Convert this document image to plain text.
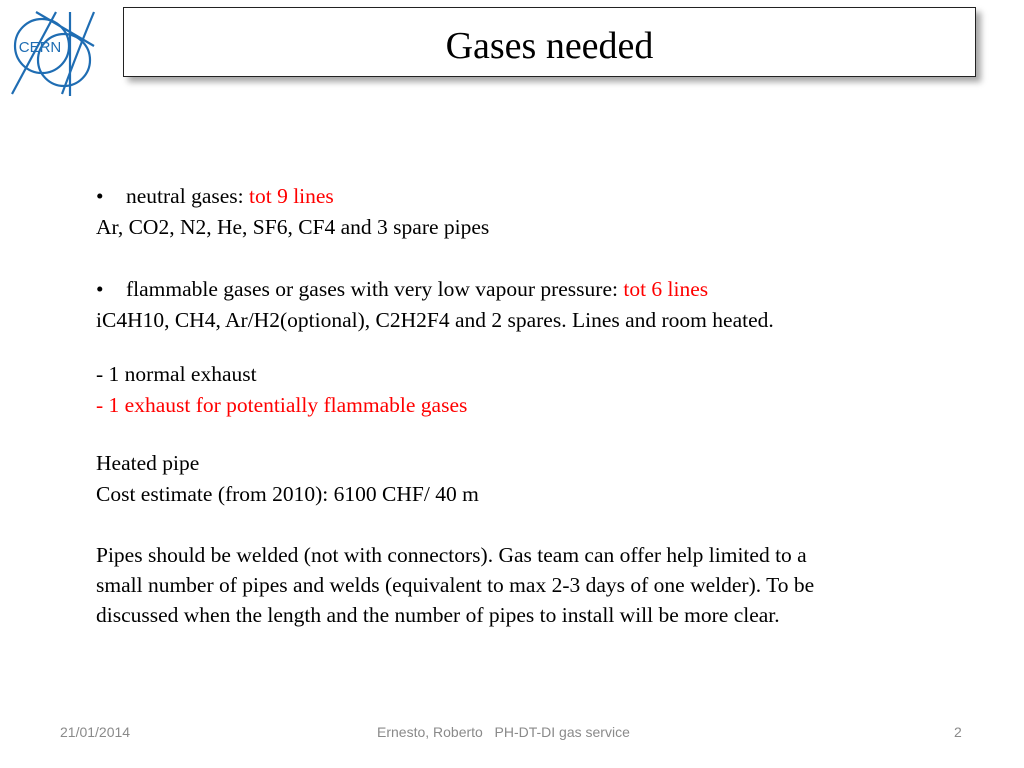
CERN	Gases needed
• neutral gases: tot 9 lines
Ar, CO2, N2, He, SF6, CF4 and 3 spare pipes
• flammable gases or gases with very low vapour pressure: tot 6 lines
iC4H10, CH4, Ar/H2(optional), C2H2F4 and 2 spares. Lines and room heated.
- 1 normal exhaust
- 1 exhaust for potentially flammable gases
Heated pipe
Cost estimate (from 2010): 6100 CHF/ 40 m
Pipes should be welded (not with connectors). Gas team can offer help limited to a
small number of pipes and welds (equivalent to max 2-3 days of one welder). To be
discussed when the length and the number of pipes to install will be more clear.
21/01/2014	Ernesto, Roberto   PH-DT-DI gas service	2
